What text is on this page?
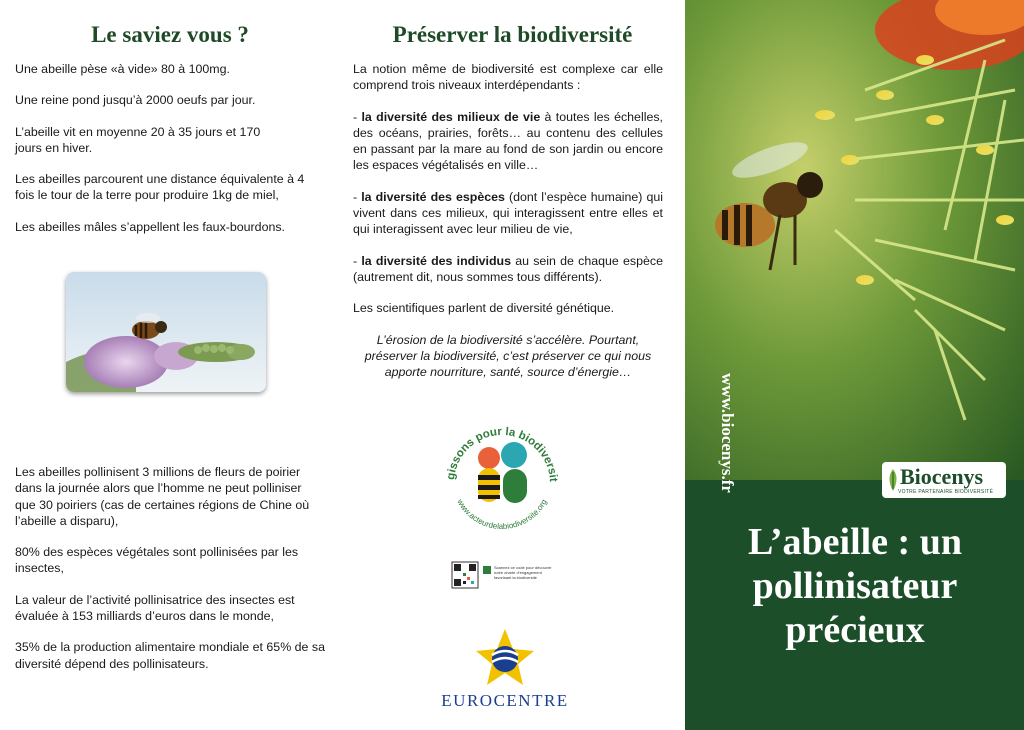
Le saviez vous ?

Une abeille pèse «à vide» 80 à 100mg.

Une reine pond jusqu’à 2000 oeufs par jour.

L’abeille vit en moyenne 20 à 35 jours et 170 jours en hiver.

Les abeilles parcourent une distance équivalente à 4 fois le tour de la terre pour produire 1kg de miel,

Les abeilles mâles s’appellent les faux-bourdons.

Les abeilles pollinisent 3 millions de fleurs de poirier dans la journée alors que l’homme ne peut polliniser que 30 poiriers (cas de certaines régions de Chine où l’abeille a disparu),

80% des espèces végétales sont pollinisées par les insectes,

La valeur de l’activité pollinisatrice des insectes est évaluée à 153 milliards d’euros dans le monde,

35% de la production alimentaire mondiale et 65% de sa diversité dépend des pollinisateurs.

Préserver la biodiversité

La notion même de biodiversité est complexe car elle comprend trois niveaux interdépendants :

- la diversité des milieux de vie à toutes les échelles, des océans, prairies, forêts… au contenu des cellules en passant par la mare au fond de son jardin ou encore les espaces végétalisés en ville…

- la diversité des espèces (dont l’espèce humaine) qui vivent dans ces milieux, qui interagissent entre elles et qui interagissent avec leur milieu de vie,

- la diversité des individus au sein de chaque espèce (autrement dit, nous sommes tous différents).

Les scientifiques parlent de diversité génétique.

L’érosion de la biodiversité s’accélère. Pourtant, préserver la biodiversité, c’est préserver ce qui nous apporte nourriture, santé, source d’énergie…

gissons pour la biodiversit
www.acteurdelabiodiversite.org
Scannez ce code pour découvrir
notre charte d’engagement
favorisant la biodiversité
EUROCENTRE
www.biocenys.fr	Biocenys
VOTRE PARTENAIRE BIODIVERSITÉ
L’abeille : un pollinisateur précieux
